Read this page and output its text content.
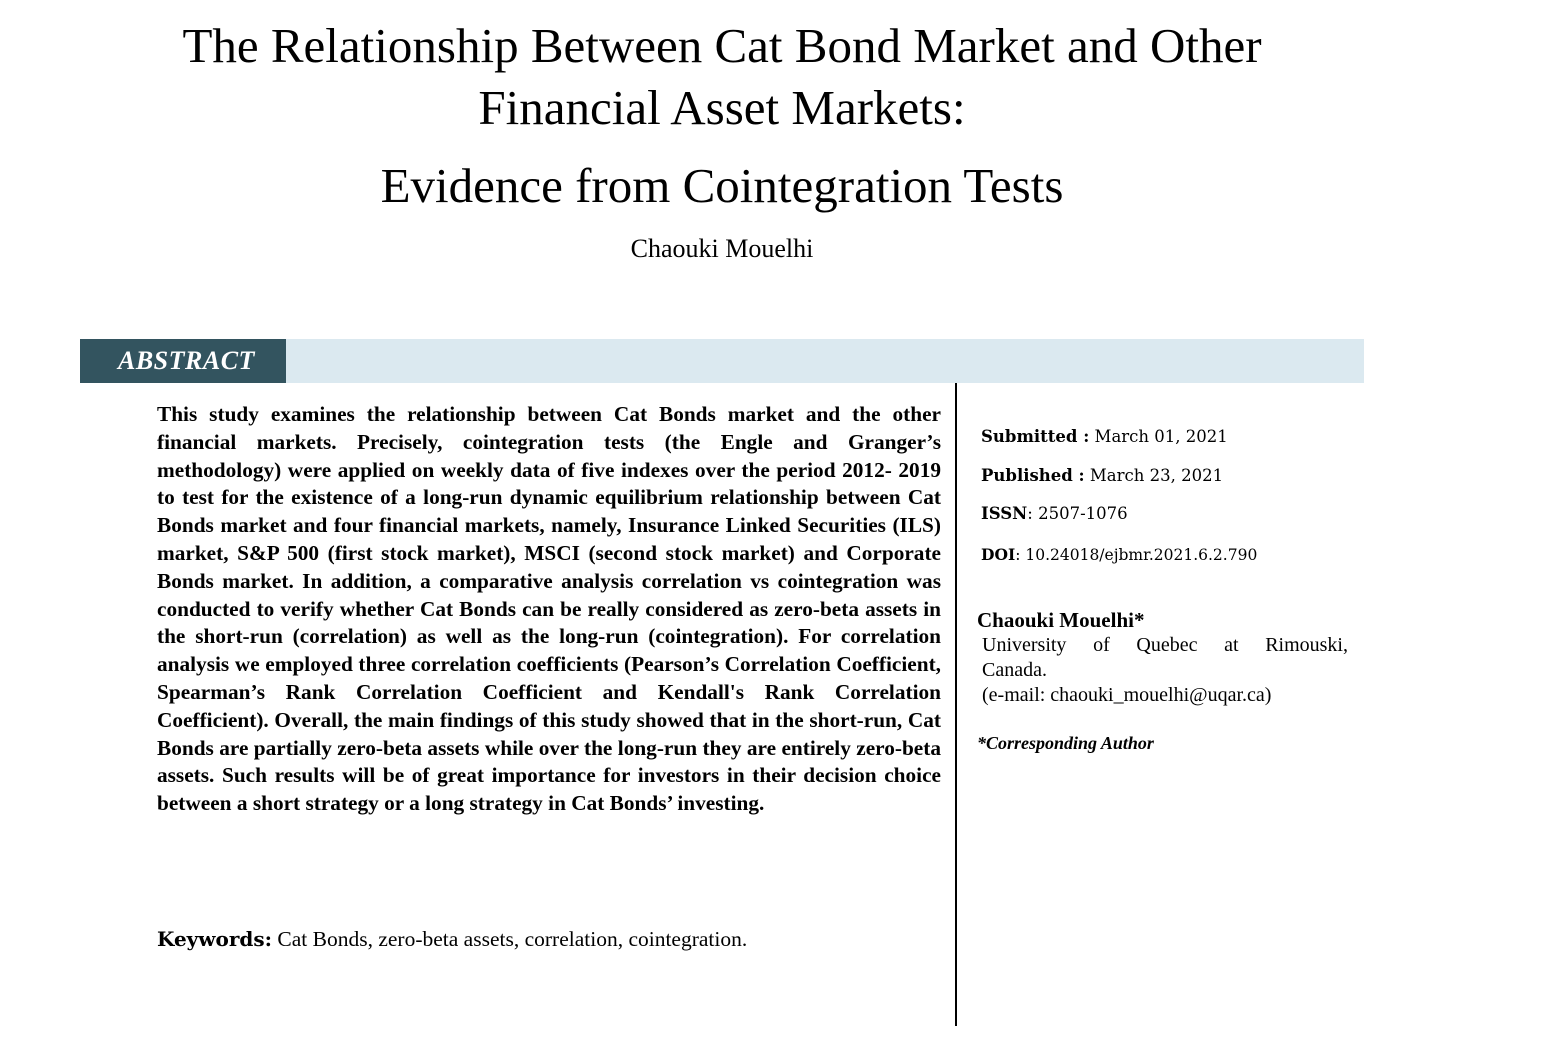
The Relationship Between Cat Bond Market and Other
Financial Asset Markets:
Evidence from Cointegration Tests
Chaouki Mouelhi
ABSTRACT

This study examines the relationship between Cat Bonds market and the other financial markets. Precisely, cointegration tests (the Engle and Granger’s methodology) were applied on weekly data of five indexes over the period 2012- 2019 to test for the existence of a long-run dynamic equilibrium relationship between Cat Bonds market and four financial markets, namely, Insurance Linked Securities (ILS) market, S&P 500 (first stock market), MSCI (second stock market) and Corporate Bonds market. In addition, a comparative analysis correlation vs cointegration was conducted to verify whether Cat Bonds can be really considered as zero-beta assets in the short-run (correlation) as well as the long-run (cointegration). For correlation analysis we employed three correlation coefficients (Pearson’s Correlation Coefficient, Spearman’s Rank Correlation Coefficient and Kendall's Rank Correlation Coefficient). Overall, the main findings of this study showed that in the short-run, Cat Bonds are partially zero-beta assets while over the long-run they are entirely zero-beta assets. Such results will be of great importance for investors in their decision choice between a short strategy or a long strategy in Cat Bonds’ investing.

Keywords: Cat Bonds, zero-beta assets, correlation, cointegration.

Submitted : March 01, 2021
Published : March 23, 2021
ISSN: 2507-1076
DOI: 10.24018/ejbmr.2021.6.2.790
Chaouki Mouelhi*
University of Quebec at Rimouski,
Canada.
(e-mail: chaouki_mouelhi@uqar.ca)
*Corresponding Author
